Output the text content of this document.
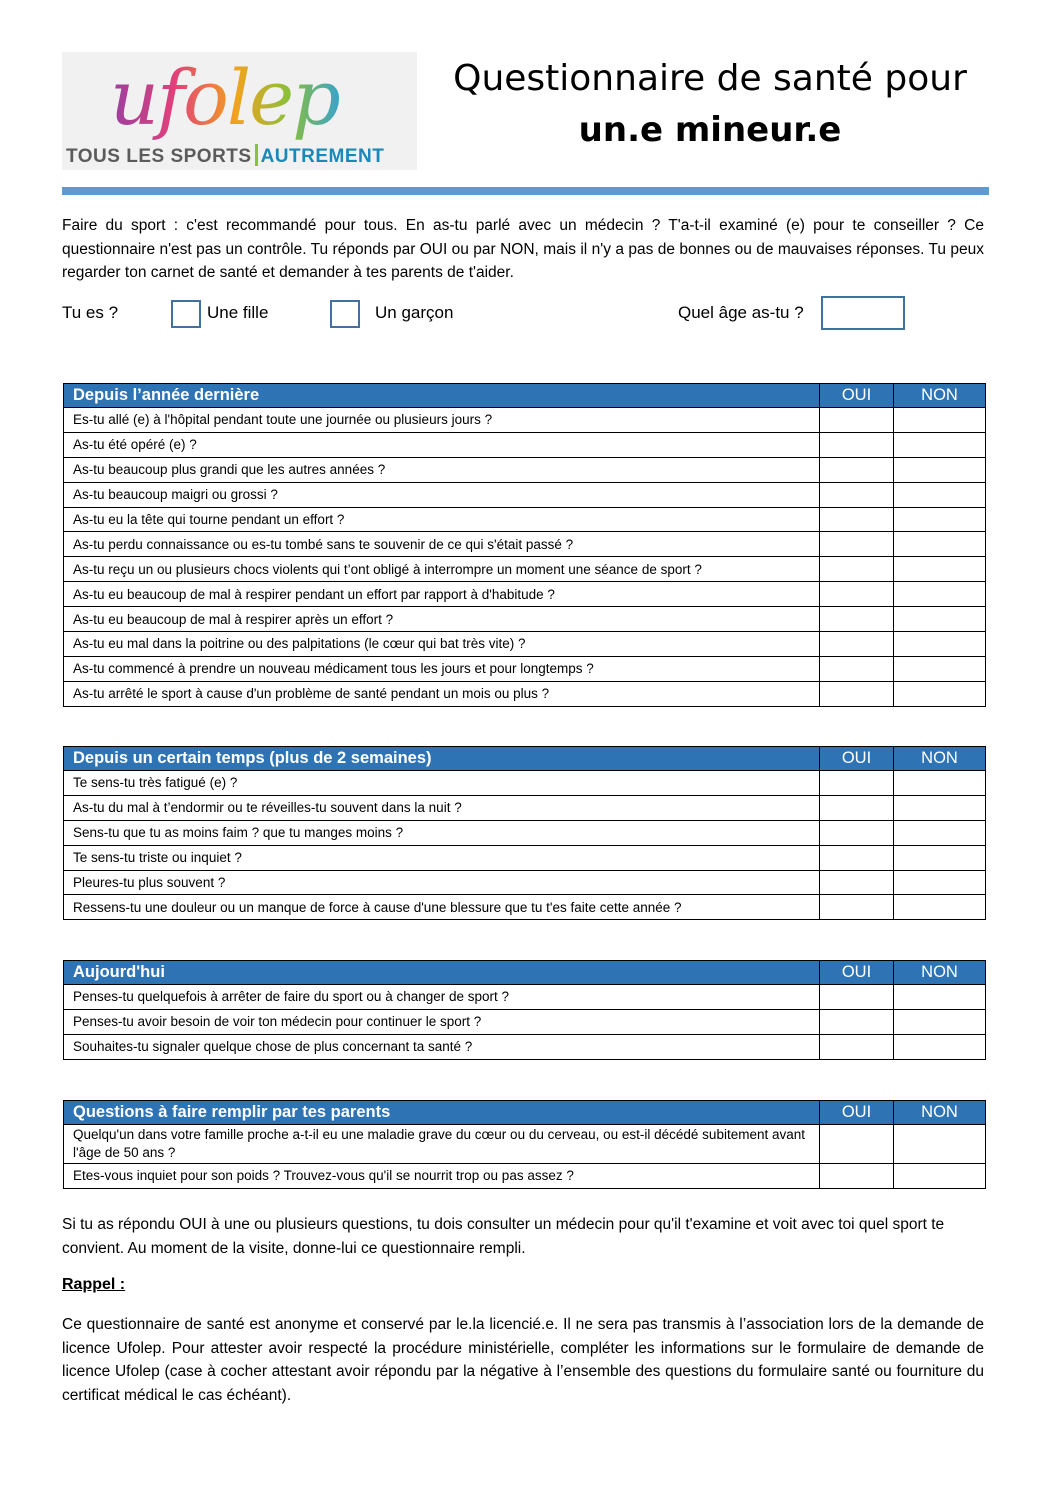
ufolep
TOUS LES SPORTS AUTREMENT
Questionnaire de santé pour
un.e mineur.e
Faire du sport : c'est recommandé pour tous. En as-tu parlé avec un médecin ? T'a-t-il examiné (e) pour te conseiller ? Ce questionnaire n'est pas un contrôle. Tu réponds par OUI ou par NON, mais il n'y a pas de bonnes ou de mauvaises réponses. Tu peux regarder ton carnet de santé et demander à tes parents de t'aider.
Tu es ?	Une fille	Un garçon	Quel âge as-tu ?
Depuis l’année dernière	OUI	NON
Es-tu allé (e) à l'hôpital pendant toute une journée ou plusieurs jours ?		
As-tu été opéré (e) ?		
As-tu beaucoup plus grandi que les autres années ?		
As-tu beaucoup maigri ou grossi ?		
As-tu eu la tête qui tourne pendant un effort ?		
As-tu perdu connaissance ou es-tu tombé sans te souvenir de ce qui s'était passé ?		
As-tu reçu un ou plusieurs chocs violents qui t’ont obligé à interrompre un moment une séance de sport ?		
As-tu eu beaucoup de mal à respirer pendant un effort par rapport à d'habitude ?		
As-tu eu beaucoup de mal à respirer après un effort ?		
As-tu eu mal dans la poitrine ou des palpitations (le cœur qui bat très vite) ?		
As-tu commencé à prendre un nouveau médicament tous les jours et pour longtemps ?		
As-tu arrêté le sport à cause d'un problème de santé pendant un mois ou plus ?		
Depuis un certain temps (plus de 2 semaines)	OUI	NON
Te sens-tu très fatigué (e) ?		
As-tu du mal à t’endormir ou te réveilles-tu souvent dans la nuit ?		
Sens-tu que tu as moins faim ? que tu manges moins ?		
Te sens-tu triste ou inquiet ?		
Pleures-tu plus souvent ?		
Ressens-tu une douleur ou un manque de force à cause d'une blessure que tu t'es faite cette année ?		
Aujourd'hui	OUI	NON
Penses-tu quelquefois à arrêter de faire du sport ou à changer de sport ?		
Penses-tu avoir besoin de voir ton médecin pour continuer le sport ?		
Souhaites-tu signaler quelque chose de plus concernant ta santé ?		
Questions à faire remplir par tes parents	OUI	NON
Quelqu'un dans votre famille proche a-t-il eu une maladie grave du cœur ou du cerveau, ou est-il décédé subitement avant l'âge de 50 ans ?		
Etes-vous inquiet pour son poids ? Trouvez-vous qu'il se nourrit trop ou pas assez ?		
Si tu as répondu OUI à une ou plusieurs questions, tu dois consulter un médecin pour qu'il t'examine et voit avec toi quel sport te convient. Au moment de la visite, donne-lui ce questionnaire rempli.
Rappel :
Ce questionnaire de santé est anonyme et conservé par le.la licencié.e. Il ne sera pas transmis à l’association lors de la demande de licence Ufolep. Pour attester avoir respecté la procédure ministérielle, compléter les informations sur le formulaire de demande de licence Ufolep (case à cocher attestant avoir répondu par la négative à l’ensemble des questions du formulaire santé ou fourniture du certificat médical le cas échéant).
